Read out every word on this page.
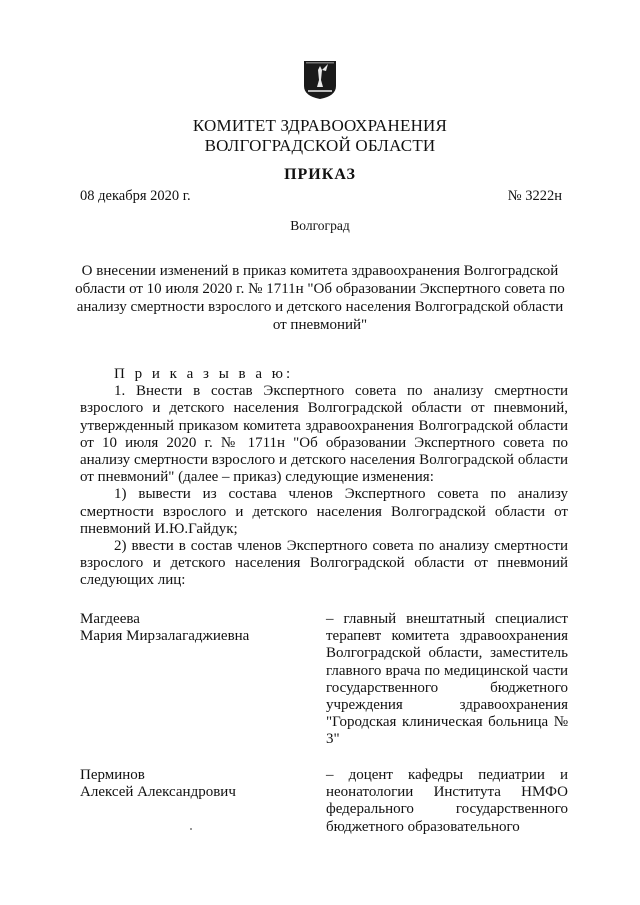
КОМИТЕТ ЗДРАВООХРАНЕНИЯ
ВОЛГОГРАДСКОЙ ОБЛАСТИ
ПРИКАЗ
08 декабря 2020 г.	№ 3222н
Волгоград
О внесении изменений в приказ комитета здравоохранения Волгоградской области от 10 июля 2020 г. № 1711н "Об образовании Экспертного совета по анализу смертности взрослого и детского населения Волгоградской области от пневмоний"

П р и к а з ы в а ю:

1. Внести в состав Экспертного совета по анализу смертности взрослого и детского населения Волгоградской области от пневмоний, утвержденный приказом комитета здравоохранения Волгоградской области от 10 июля 2020 г. № 1711н "Об образовании Экспертного совета по анализу смертности взрослого и детского населения Волгоградской области от пневмоний" (далее – приказ) следующие изменения:

1) вывести из состава членов Экспертного совета по анализу смертности взрослого и детского населения Волгоградской области от пневмоний И.Ю.Гайдук;

2) ввести в состав членов Экспертного совета по анализу смертности взрослого и детского населения Волгоградской области от пневмоний следующих лиц:

Магдеева
Мария Мирзалагаджиевна

– главный внештатный специалист терапевт комитета здравоохранения Волгоградской области, заместитель главного врача по медицинской части государственного бюджетного учреждения здравоохранения "Городская клиническая больница № 3"

Перминов
Алексей Александрович

– доцент кафедры педиатрии и неонатологии Института НМФО федерального государственного бюджетного образовательного
